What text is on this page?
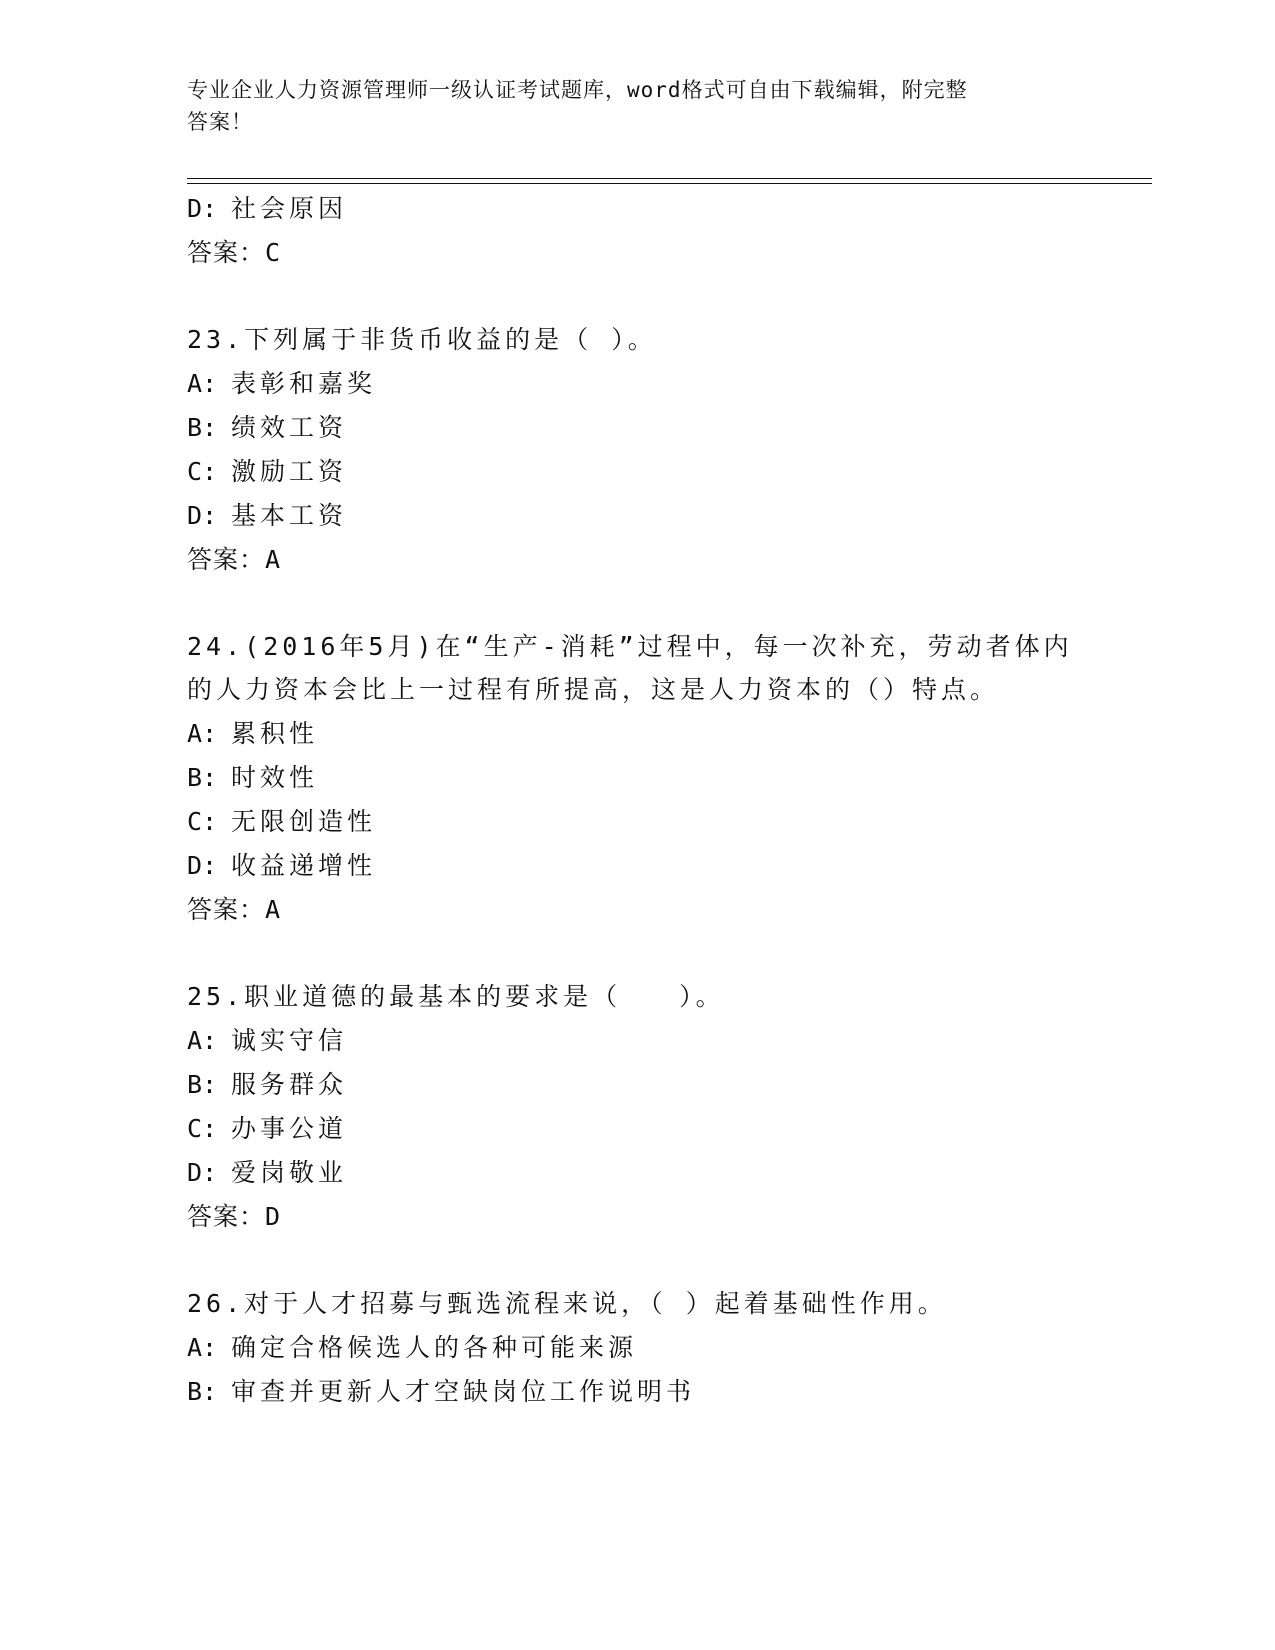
专业企业人力资源管理师一级认证考试题库，word格式可自由下载编辑，附完整
答案！
D: 社会原因
答案：C
23.下列属于非货币收益的是（ ）。
A: 表彰和嘉奖
B: 绩效工资
C: 激励工资
D: 基本工资
答案：A
24.(2016年5月)在“生产-消耗”过程中，每一次补充，劳动者体内
的人力资本会比上一过程有所提高，这是人力资本的（）特点。
A: 累积性
B: 时效性
C: 无限创造性
D: 收益递增性
答案：A
25.职业道德的最基本的要求是（　　）。
A: 诚实守信
B: 服务群众
C: 办事公道
D: 爱岗敬业
答案：D
26.对于人才招募与甄选流程来说，（ ）起着基础性作用。
A: 确定合格候选人的各种可能来源
B: 审查并更新人才空缺岗位工作说明书
